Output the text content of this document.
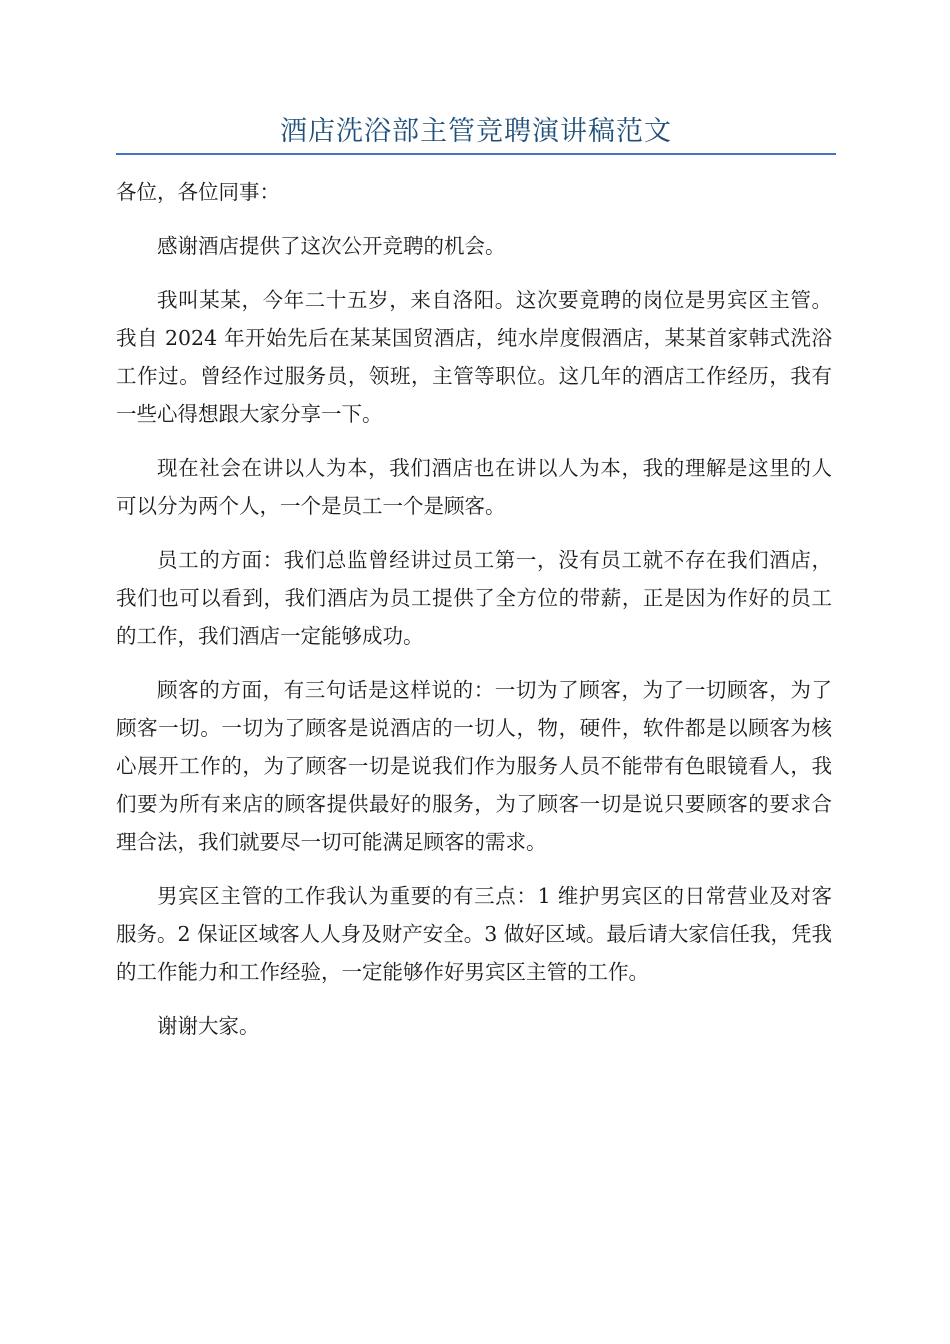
酒店洗浴部主管竞聘演讲稿范文

各位，各位同事：

感谢酒店提供了这次公开竞聘的机会。

我叫某某，今年二十五岁，来自洛阳。这次要竟聘的岗位是男宾区主管。我自 2024 年开始先后在某某国贸酒店，纯水岸度假酒店，某某首家韩式洗浴工作过。曾经作过服务员，领班，主管等职位。这几年的酒店工作经历，我有一些心得想跟大家分享一下。

现在社会在讲以人为本，我们酒店也在讲以人为本，我的理解是这里的人可以分为两个人，一个是员工一个是顾客。

员工的方面：我们总监曾经讲过员工第一，没有员工就不存在我们酒店，我们也可以看到，我们酒店为员工提供了全方位的带薪，正是因为作好的员工的工作，我们酒店一定能够成功。

顾客的方面，有三句话是这样说的：一切为了顾客，为了一切顾客，为了顾客一切。一切为了顾客是说酒店的一切人，物，硬件，软件都是以顾客为核心展开工作的，为了顾客一切是说我们作为服务人员不能带有色眼镜看人，我们要为所有来店的顾客提供最好的服务，为了顾客一切是说只要顾客的要求合理合法，我们就要尽一切可能满足顾客的需求。

男宾区主管的工作我认为重要的有三点：1 维护男宾区的日常营业及对客服务。2 保证区域客人人身及财产安全。3 做好区域。最后请大家信任我，凭我的工作能力和工作经验，一定能够作好男宾区主管的工作。

谢谢大家。
